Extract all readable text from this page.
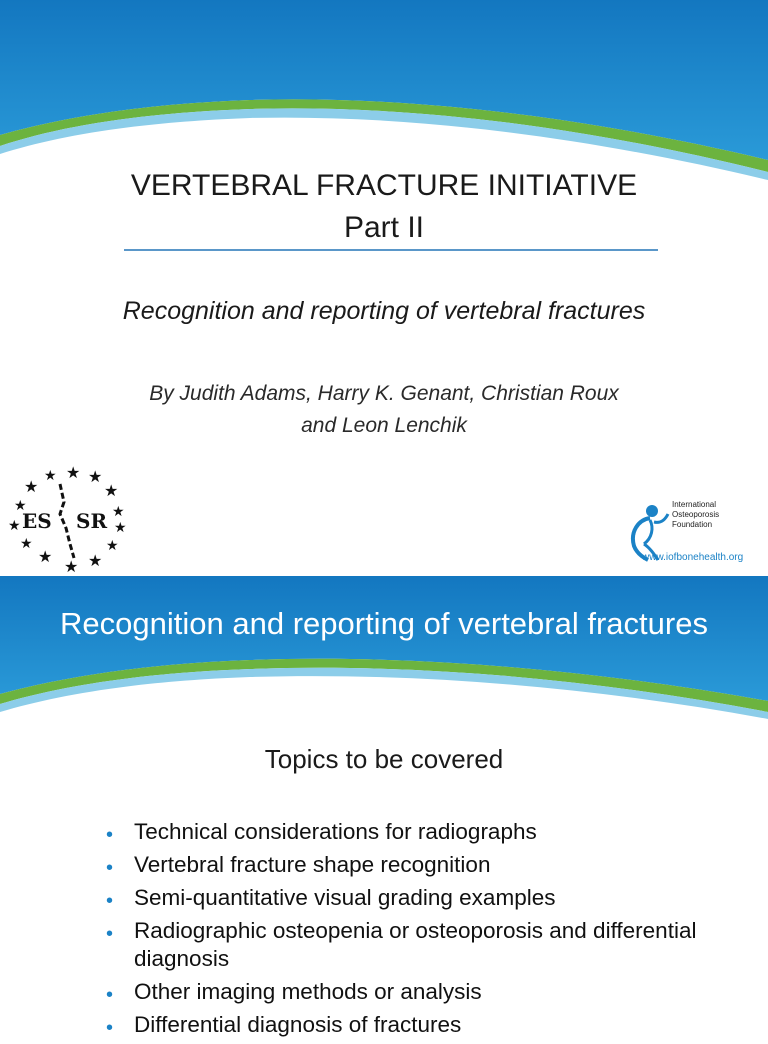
VERTEBRAL FRACTURE INITIATIVE
Part II

Recognition and reporting of vertebral fractures

By Judith Adams, Harry K. Genant, Christian Roux
and Leon Lenchik
★ ★
★
★
★
★
★
★
★
★
★
★
★
★
ES SR
International
Osteoporosis
Foundation
www.iofbonehealth.org
Recognition and reporting of vertebral fractures
Topics to be covered
• Technical considerations for radiographs
• Vertebral fracture shape recognition
• Semi-quantitative visual grading examples
• Radiographic osteopenia or osteoporosis and differential diagnosis
• Other imaging methods or analysis
• Differential diagnosis of fractures
